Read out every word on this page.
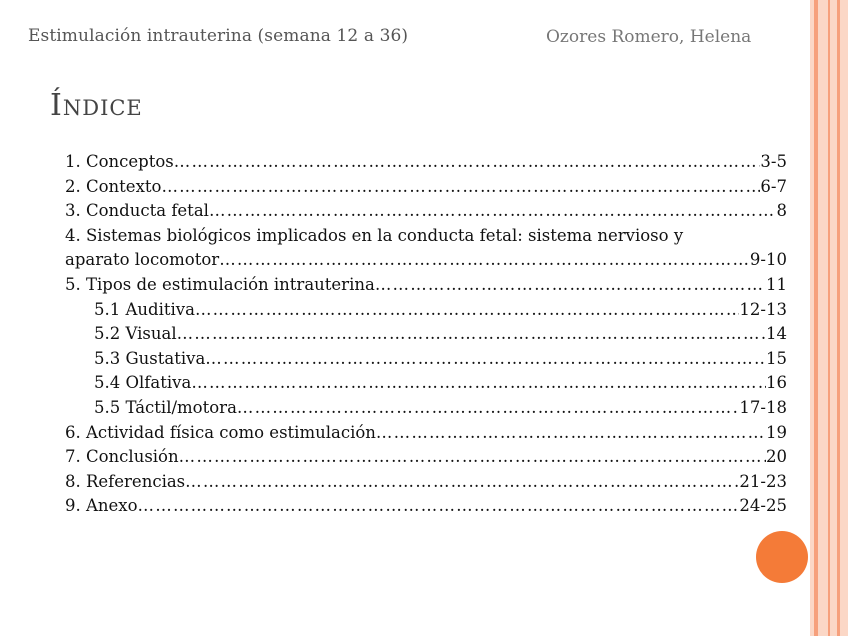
Estimulación intrauterina (semana 12 a 36)	Ozores Romero, Helena
Índice
1. Conceptos …………………………………………………………………………………………………………………………………………	3-5
2. Contexto …………………………………………………………………………………………………………………………………………	6-7
3. Conducta fetal …………………………………………………………………………………………………………………………………………	8
4. Sistemas biológicos implicados en la conducta fetal: sistema nervioso y
aparato locomotor …………………………………………………………………………………………………………………………………………	9-10
5. Tipos de estimulación intrauterina …………………………………………………………………………………………………………………………………………	11
5.1 Auditiva …………………………………………………………………………………………………………………………………………	12-13
5.2 Visual …………………………………………………………………………………………………………………………………………	14
5.3 Gustativa …………………………………………………………………………………………………………………………………………	15
5.4 Olfativa …………………………………………………………………………………………………………………………………………	16
5.5 Táctil/motora …………………………………………………………………………………………………………………………………………	17-18
6. Actividad física como estimulación …………………………………………………………………………………………………………………………………………	19
7. Conclusión …………………………………………………………………………………………………………………………………………	20
8. Referencias …………………………………………………………………………………………………………………………………………	21-23
9. Anexo …………………………………………………………………………………………………………………………………………	24-25
